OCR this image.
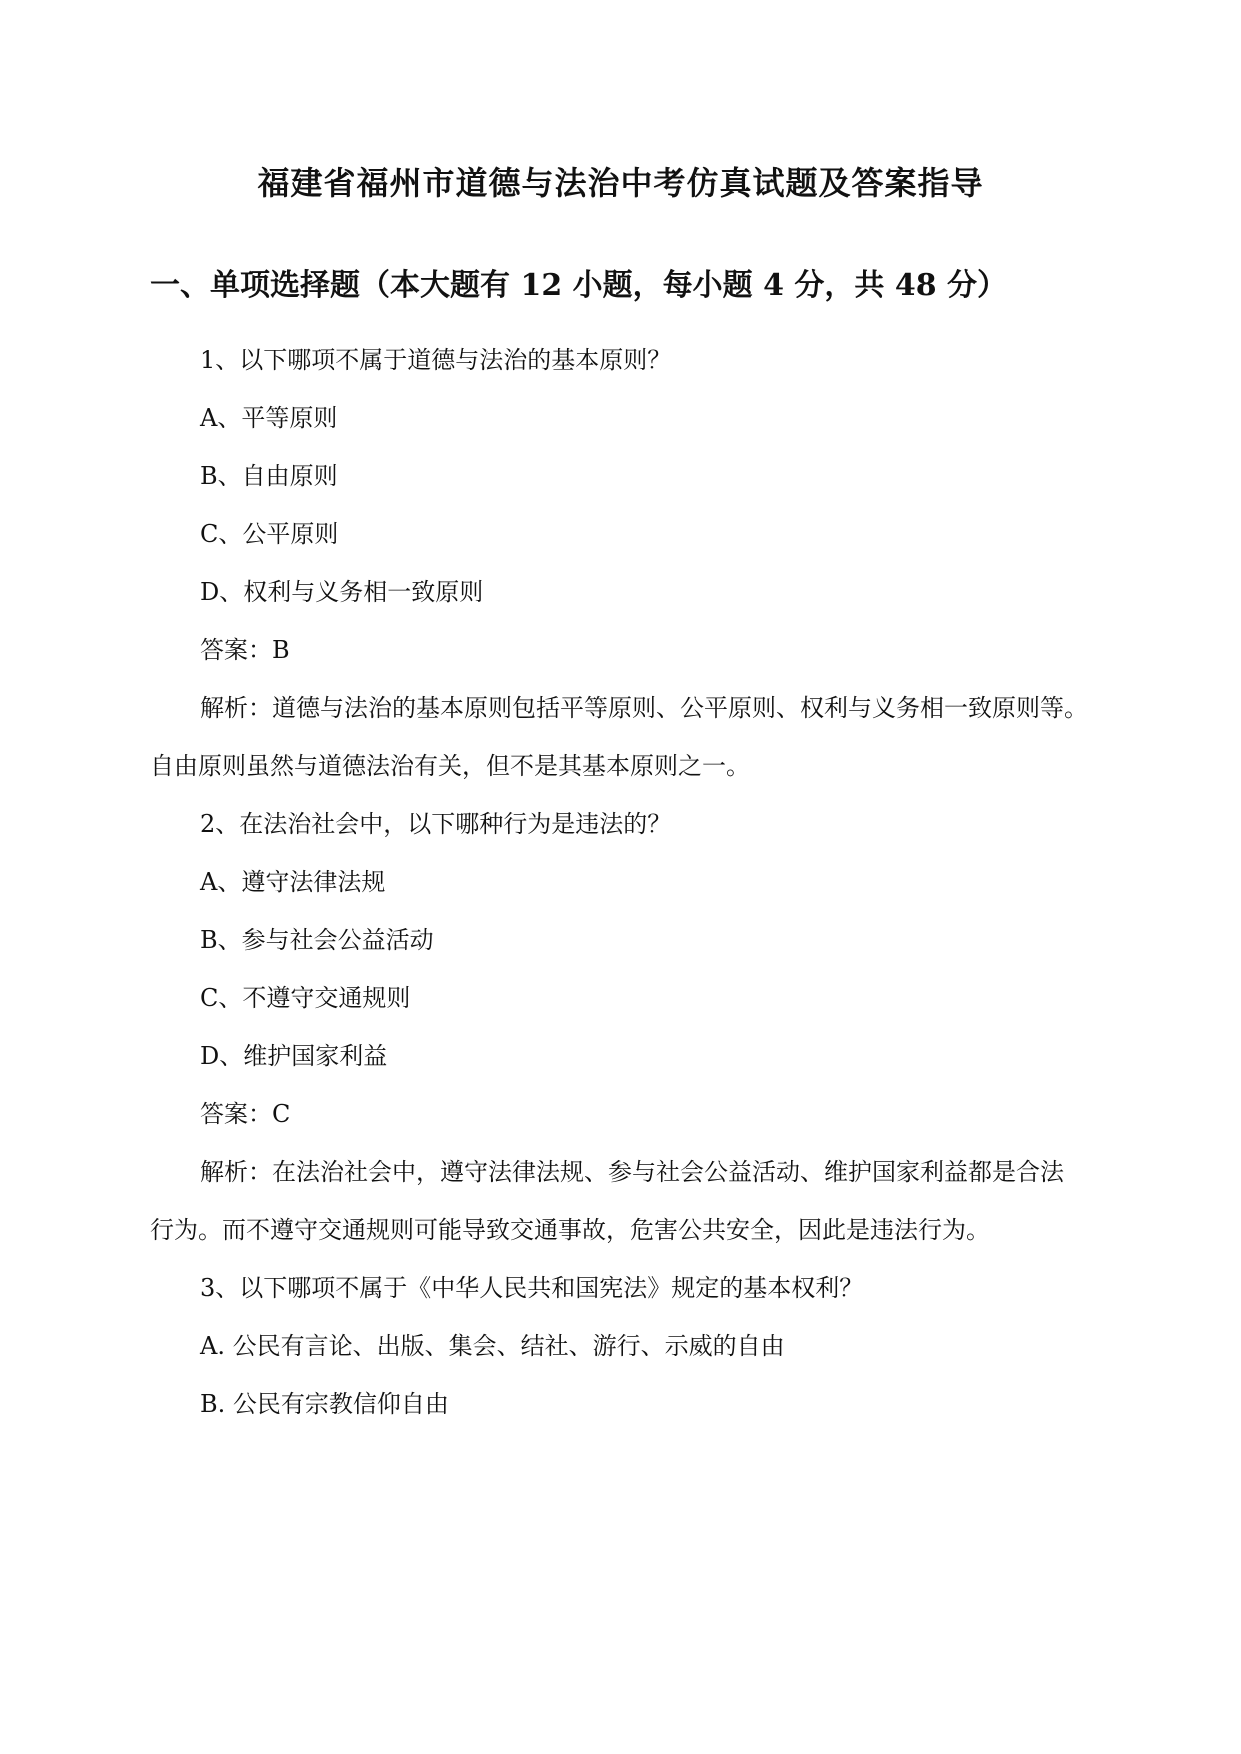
福建省福州市道德与法治中考仿真试题及答案指导
一、单项选择题（本大题有 12 小题，每小题 4 分，共 48 分）
1、以下哪项不属于道德与法治的基本原则？
A、平等原则
B、自由原则
C、公平原则
D、权利与义务相一致原则
答案：B
解析：道德与法治的基本原则包括平等原则、公平原则、权利与义务相一致原则等。
自由原则虽然与道德法治有关，但不是其基本原则之一。
2、在法治社会中，以下哪种行为是违法的？
A、遵守法律法规
B、参与社会公益活动
C、不遵守交通规则
D、维护国家利益
答案：C
解析：在法治社会中，遵守法律法规、参与社会公益活动、维护国家利益都是合法
行为。而不遵守交通规则可能导致交通事故，危害公共安全，因此是违法行为。
3、以下哪项不属于《中华人民共和国宪法》规定的基本权利？
A. 公民有言论、出版、集会、结社、游行、示威的自由
B. 公民有宗教信仰自由
